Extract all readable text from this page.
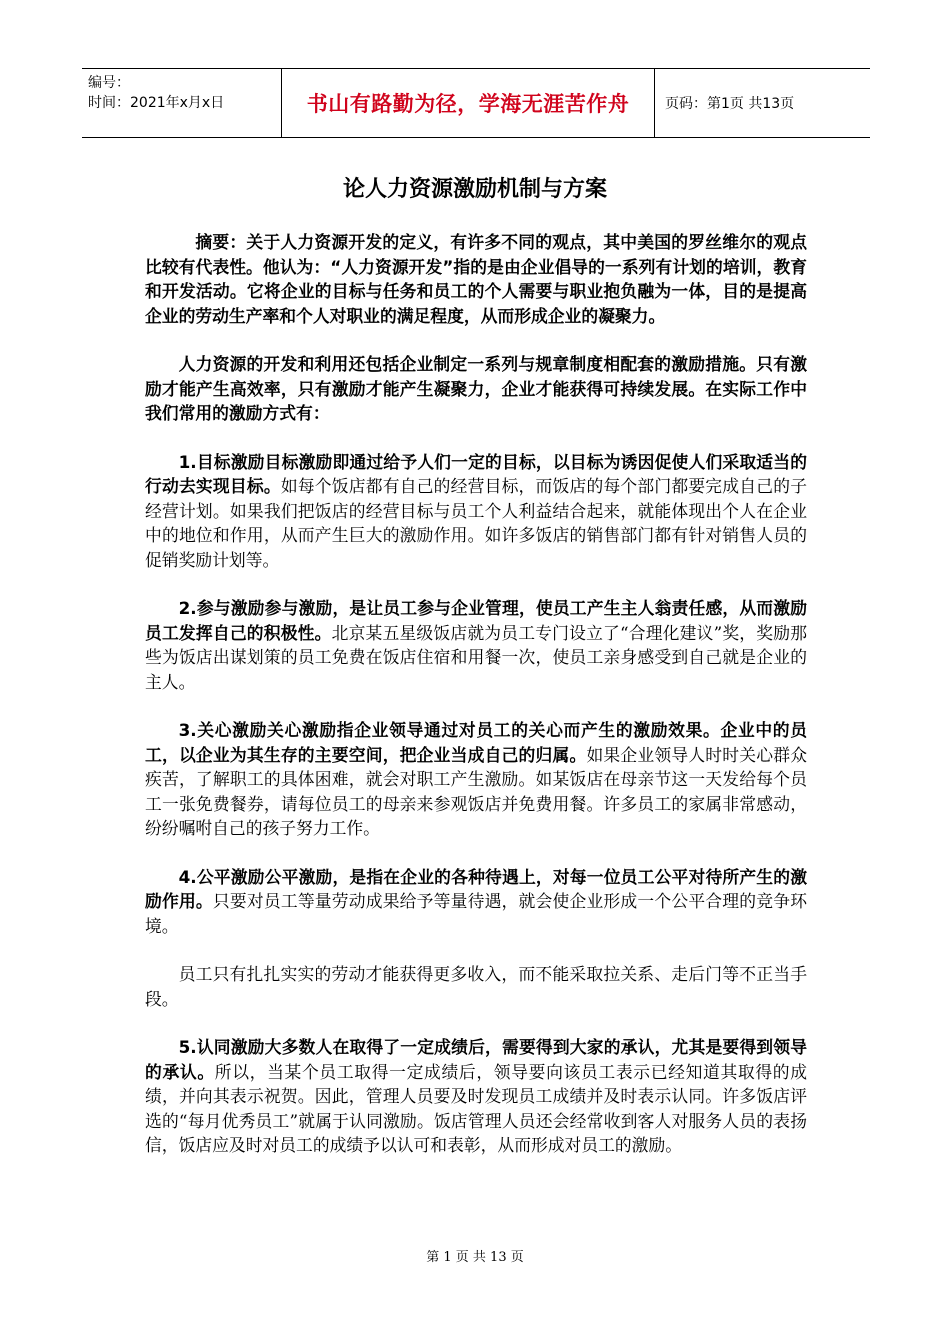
编号：
时间：2021年x月x日	书山有路勤为径，学海无涯苦作舟	页码：第1页 共13页
论人力资源激励机制与方案

摘要：关于人力资源开发的定义，有许多不同的观点，其中美国的罗丝维尔的观点比较有代表性。他认为：“人力资源开发”指的是由企业倡导的一系列有计划的培训，教育和开发活动。它将企业的目标与任务和员工的个人需要与职业抱负融为一体，目的是提高企业的劳动生产率和个人对职业的满足程度，从而形成企业的凝聚力。

人力资源的开发和利用还包括企业制定一系列与规章制度相配套的激励措施。只有激励才能产生高效率，只有激励才能产生凝聚力，企业才能获得可持续发展。在实际工作中我们常用的激励方式有：

1.目标激励目标激励即通过给予人们一定的目标，以目标为诱因促使人们采取适当的行动去实现目标。如每个饭店都有自己的经营目标，而饭店的每个部门都要完成自己的子经营计划。如果我们把饭店的经营目标与员工个人利益结合起来，就能体现出个人在企业中的地位和作用，从而产生巨大的激励作用。如许多饭店的销售部门都有针对销售人员的促销奖励计划等。

2.参与激励参与激励，是让员工参与企业管理，使员工产生主人翁责任感，从而激励员工发挥自己的积极性。北京某五星级饭店就为员工专门设立了“合理化建议”奖，奖励那些为饭店出谋划策的员工免费在饭店住宿和用餐一次，使员工亲身感受到自己就是企业的主人。

3.关心激励关心激励指企业领导通过对员工的关心而产生的激励效果。企业中的员工，以企业为其生存的主要空间，把企业当成自己的归属。如果企业领导人时时关心群众疾苦，了解职工的具体困难，就会对职工产生激励。如某饭店在母亲节这一天发给每个员工一张免费餐券，请每位员工的母亲来参观饭店并免费用餐。许多员工的家属非常感动，纷纷嘱咐自己的孩子努力工作。

4.公平激励公平激励，是指在企业的各种待遇上，对每一位员工公平对待所产生的激励作用。只要对员工等量劳动成果给予等量待遇，就会使企业形成一个公平合理的竞争环境。

员工只有扎扎实实的劳动才能获得更多收入，而不能采取拉关系、走后门等不正当手段。

5.认同激励大多数人在取得了一定成绩后，需要得到大家的承认，尤其是要得到领导的承认。所以，当某个员工取得一定成绩后，领导要向该员工表示已经知道其取得的成绩，并向其表示祝贺。因此，管理人员要及时发现员工成绩并及时表示认同。许多饭店评选的“每月优秀员工”就属于认同激励。饭店管理人员还会经常收到客人对服务人员的表扬信，饭店应及时对员工的成绩予以认可和表彰，从而形成对员工的激励。

第 1 页 共 13 页
